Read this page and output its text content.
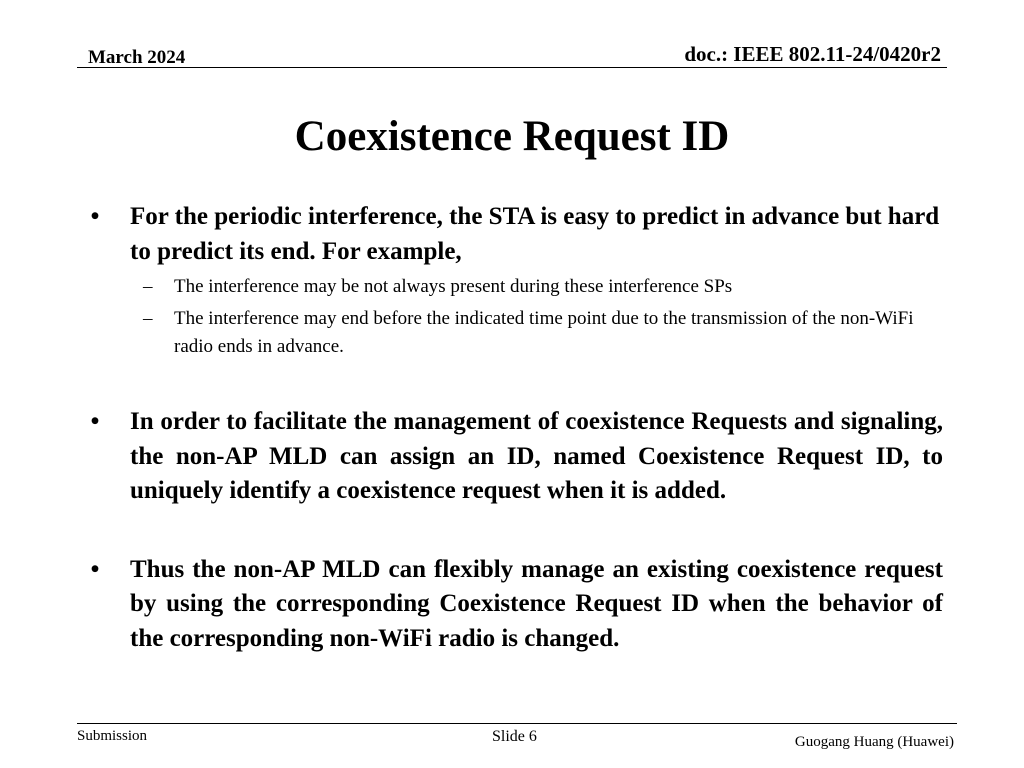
March 2024	doc.: IEEE 802.11-24/0420r2
Coexistence Request ID
• For the periodic interference, the STA is easy to predict in advance but hard to predict its end. For example,
– The interference may be not always present during these interference SPs
– The interference may end before the indicated time point due to the transmission of the non-WiFi radio ends in advance.
• In order to facilitate the management of coexistence Requests and signaling, the non-AP MLD can assign an ID, named Coexistence Request ID, to uniquely identify a coexistence request when it is added.
• Thus the non-AP MLD can flexibly manage an existing coexistence request by using the corresponding Coexistence Request ID when the behavior of the corresponding non-WiFi radio is changed.
Submission	Slide 6	Guogang Huang (Huawei)
